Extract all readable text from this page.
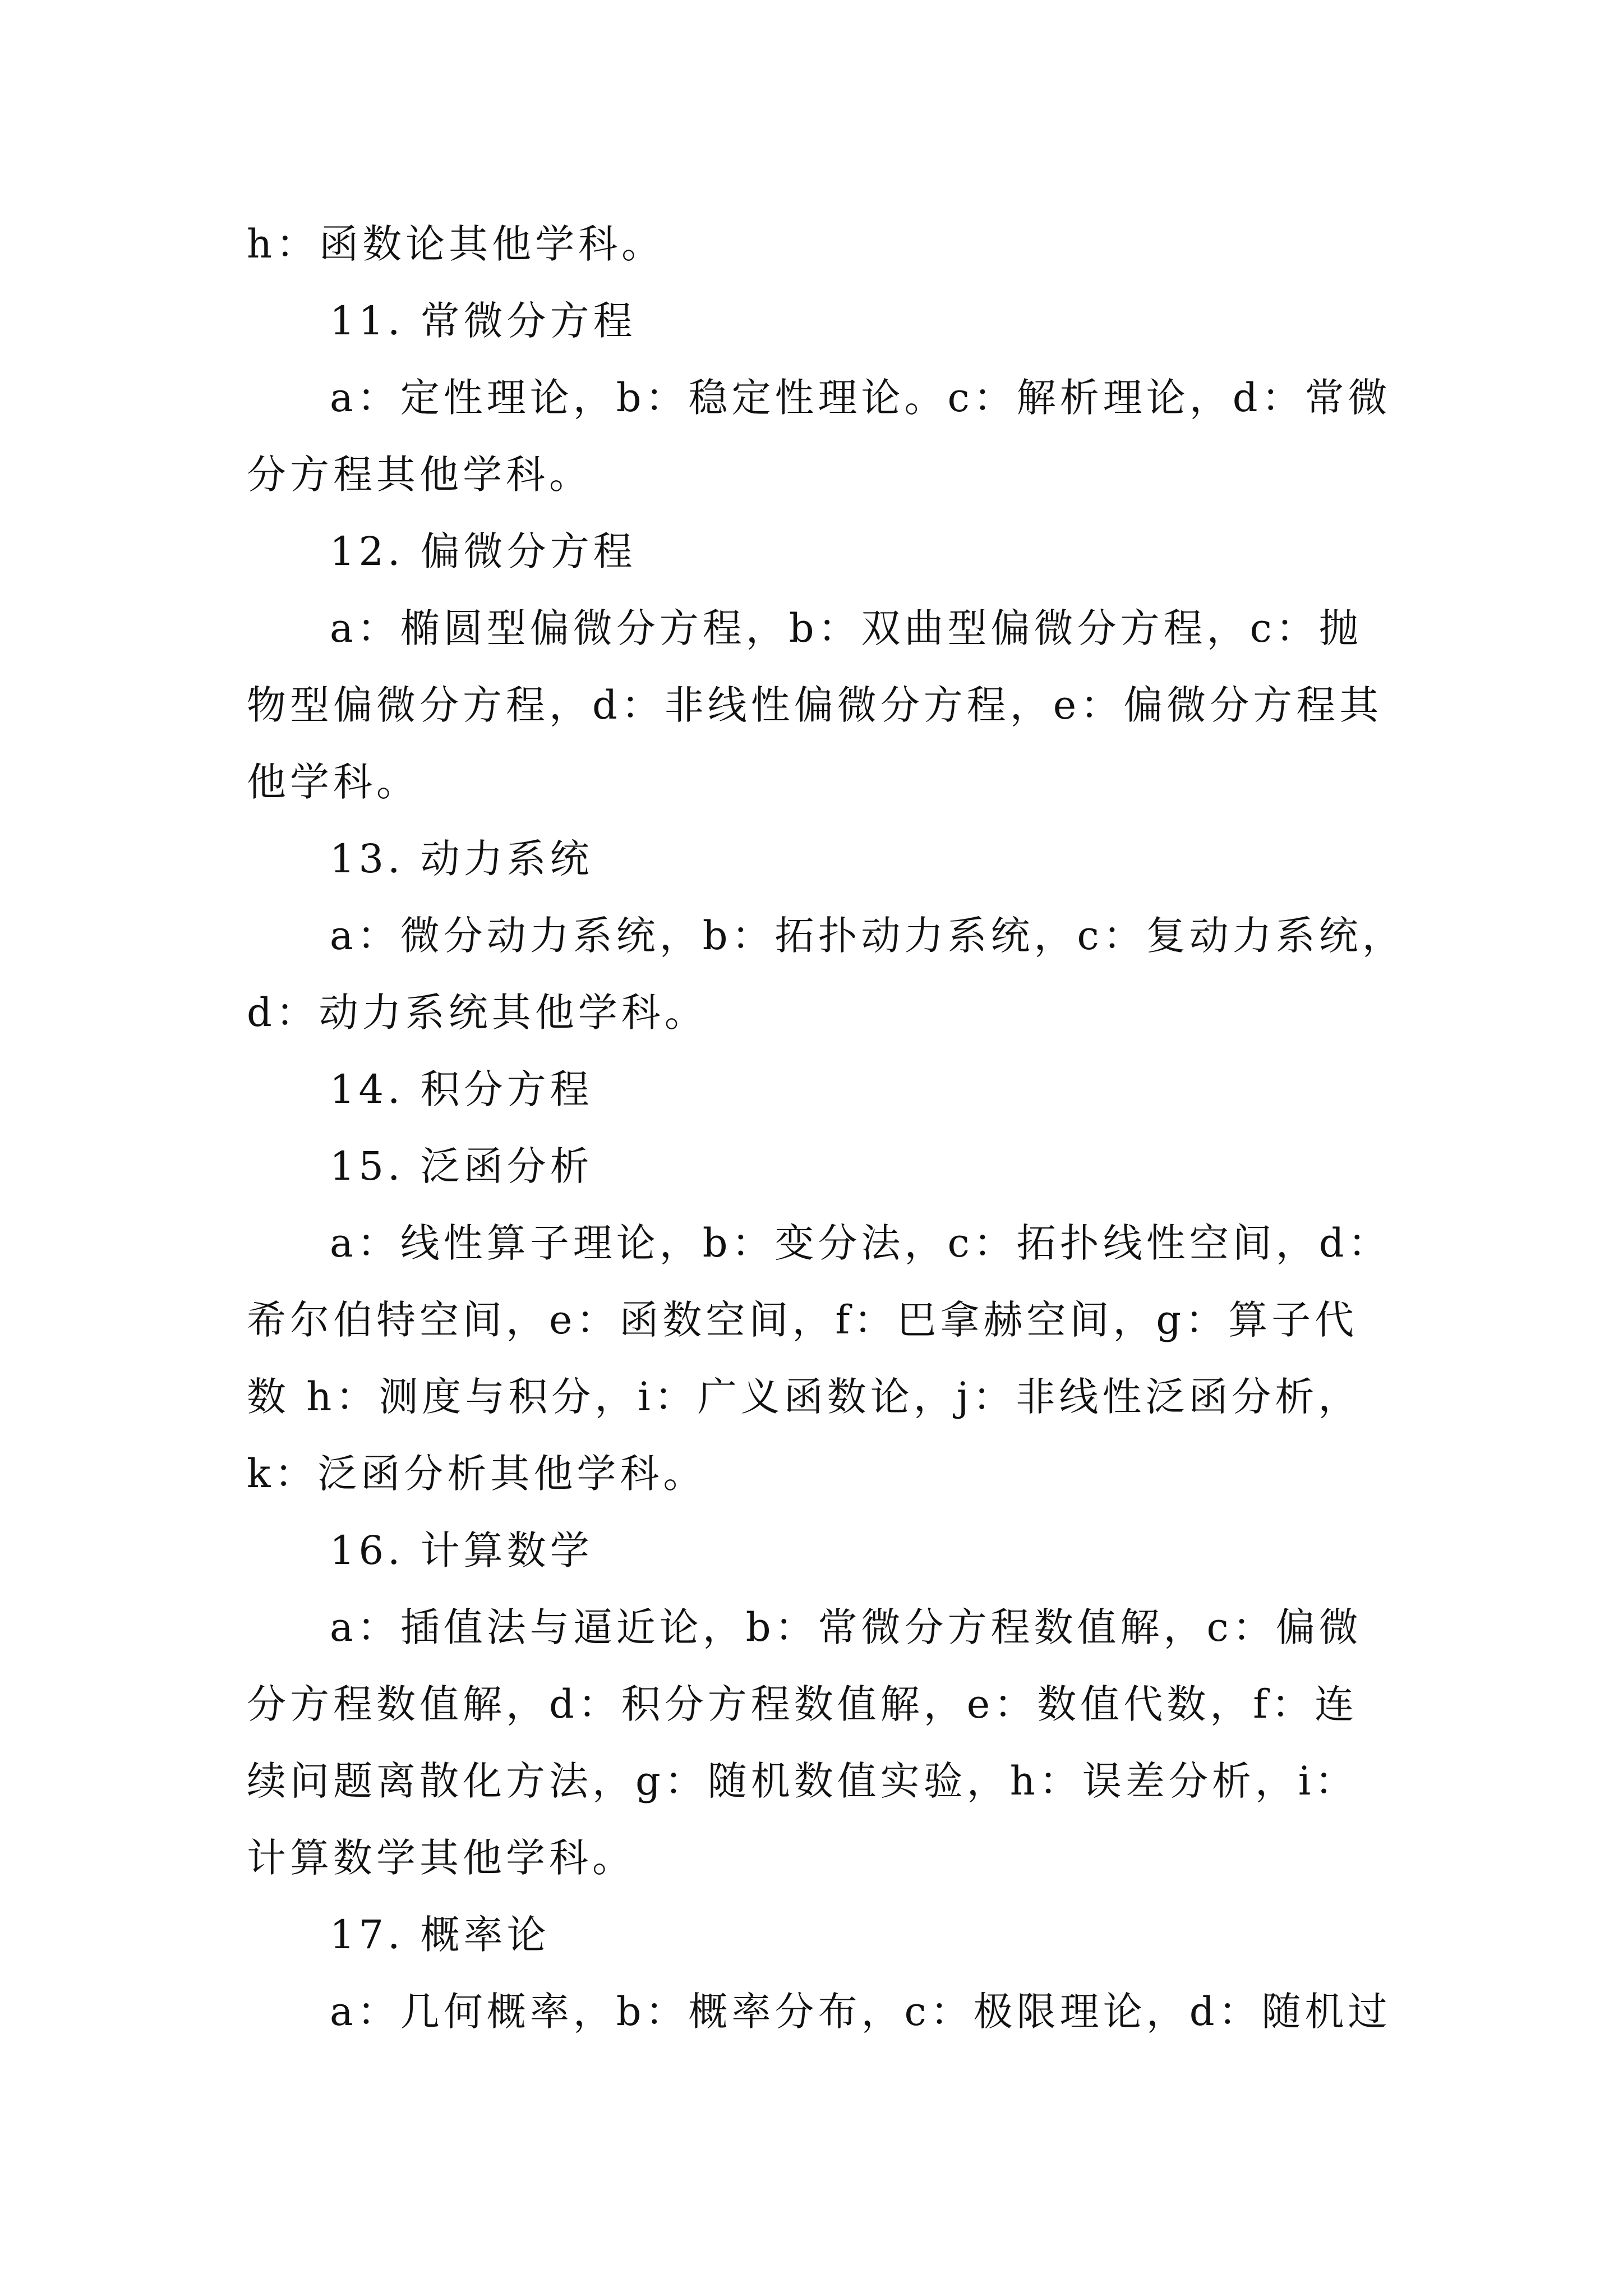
h：函数论其他学科。
11. 常微分方程
a：定性理论，b：稳定性理论。c：解析理论，d：常微
分方程其他学科。
12. 偏微分方程
a：椭圆型偏微分方程，b：双曲型偏微分方程，c：抛
物型偏微分方程，d：非线性偏微分方程，e：偏微分方程其
他学科。
13. 动力系统
a：微分动力系统，b：拓扑动力系统，c：复动力系统，
d：动力系统其他学科。
14. 积分方程
15. 泛函分析
a：线性算子理论，b：变分法，c：拓扑线性空间，d：
希尔伯特空间，e：函数空间，f：巴拿赫空间，g：算子代
数 h：测度与积分，i：广义函数论，j：非线性泛函分析，
k：泛函分析其他学科。
16. 计算数学
a：插值法与逼近论，b：常微分方程数值解，c：偏微
分方程数值解，d：积分方程数值解，e：数值代数，f：连
续问题离散化方法，g：随机数值实验，h：误差分析，i：
计算数学其他学科。
17. 概率论
a：几何概率，b：概率分布，c：极限理论，d：随机过
